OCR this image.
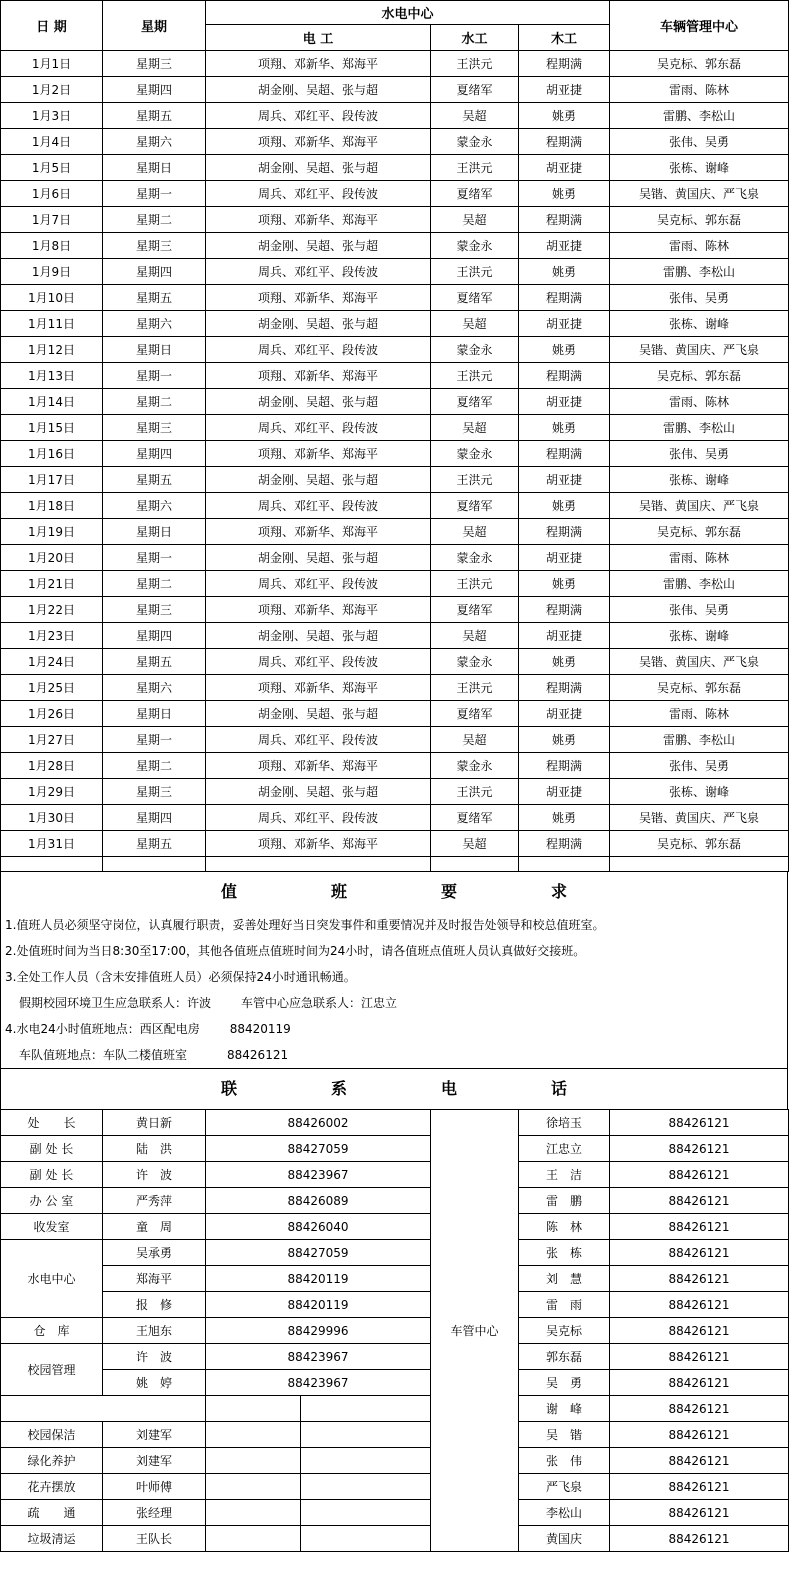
日 期	星期	水电中心			车辆管理中心
		电 工	水工	木工	
1月1日	星期三	项翔、邓新华、郑海平	王洪元	程期满	吴克标、郭东磊
1月2日	星期四	胡金刚、吴超、张与超	夏绪军	胡亚捷	雷雨、陈林
1月3日	星期五	周兵、邓红平、段传波	吴超	姚勇	雷鹏、李松山
1月4日	星期六	项翔、邓新华、郑海平	蒙金永	程期满	张伟、吴勇
1月5日	星期日	胡金刚、吴超、张与超	王洪元	胡亚捷	张栋、谢峰
1月6日	星期一	周兵、邓红平、段传波	夏绪军	姚勇	吴锴、黄国庆、严飞泉
1月7日	星期二	项翔、邓新华、郑海平	吴超	程期满	吴克标、郭东磊
1月8日	星期三	胡金刚、吴超、张与超	蒙金永	胡亚捷	雷雨、陈林
1月9日	星期四	周兵、邓红平、段传波	王洪元	姚勇	雷鹏、李松山
1月10日	星期五	项翔、邓新华、郑海平	夏绪军	程期满	张伟、吴勇
1月11日	星期六	胡金刚、吴超、张与超	吴超	胡亚捷	张栋、谢峰
1月12日	星期日	周兵、邓红平、段传波	蒙金永	姚勇	吴锴、黄国庆、严飞泉
1月13日	星期一	项翔、邓新华、郑海平	王洪元	程期满	吴克标、郭东磊
1月14日	星期二	胡金刚、吴超、张与超	夏绪军	胡亚捷	雷雨、陈林
1月15日	星期三	周兵、邓红平、段传波	吴超	姚勇	雷鹏、李松山
1月16日	星期四	项翔、邓新华、郑海平	蒙金永	程期满	张伟、吴勇
1月17日	星期五	胡金刚、吴超、张与超	王洪元	胡亚捷	张栋、谢峰
1月18日	星期六	周兵、邓红平、段传波	夏绪军	姚勇	吴锴、黄国庆、严飞泉
1月19日	星期日	项翔、邓新华、郑海平	吴超	程期满	吴克标、郭东磊
1月20日	星期一	胡金刚、吴超、张与超	蒙金永	胡亚捷	雷雨、陈林
1月21日	星期二	周兵、邓红平、段传波	王洪元	姚勇	雷鹏、李松山
1月22日	星期三	项翔、邓新华、郑海平	夏绪军	程期满	张伟、吴勇
1月23日	星期四	胡金刚、吴超、张与超	吴超	胡亚捷	张栋、谢峰
1月24日	星期五	周兵、邓红平、段传波	蒙金永	姚勇	吴锴、黄国庆、严飞泉
1月25日	星期六	项翔、邓新华、郑海平	王洪元	程期满	吴克标、郭东磊
1月26日	星期日	胡金刚、吴超、张与超	夏绪军	胡亚捷	雷雨、陈林
1月27日	星期一	周兵、邓红平、段传波	吴超	姚勇	雷鹏、李松山
1月28日	星期二	项翔、邓新华、郑海平	蒙金永	程期满	张伟、吴勇
1月29日	星期三	胡金刚、吴超、张与超	王洪元	胡亚捷	张栋、谢峰
1月30日	星期四	周兵、邓红平、段传波	夏绪军	姚勇	吴锴、黄国庆、严飞泉
1月31日	星期五	项翔、邓新华、郑海平	吴超	程期满	吴克标、郭东磊

值	班	要	求
1.值班人员必须坚守岗位，认真履行职责，妥善处理好当日突发事件和重要情况并及时报告处领导和校总值班室。
2.处值班时间为当日8:30至17:00，其他各值班点值班时间为24小时，请各值班点值班人员认真做好交接班。
3.全处工作人员（含未安排值班人员）必须保持24小时通讯畅通。
假期校园环境卫生应急联系人：许波	车管中心应急联系人：江忠立
4.水电24小时值班地点：西区配电房	88420119
车队值班地点：车队二楼值班室	88426121
联	系	电	话
处　　长	黄日新	88426002		车管中心	徐培玉	88426121
副 处 长	陆　洪	88427059			江忠立	88426121
副 处 长	许　波	88423967			王　洁	88426121
办 公 室	严秀萍	88426089			雷　鹏	88426121
收发室	童　周	88426040			陈　林	88426121
水电中心	吴承勇	88427059			张　栋	88426121
	郑海平	88420119			刘　慧	88426121
	报　修	88420119			雷　雨	88426121
仓　库	王旭东	88429996			吴克标	88426121
校园管理	许　波	88423967			郭东磊	88426121
	姚　婷	88423967			吴　勇	88426121
					谢　峰	88426121
校园保洁	刘建军				吴　锴	88426121
绿化养护	刘建军				张　伟	88426121
花卉摆放	叶师傅				严飞泉	88426121
疏　　通	张经理				李松山	88426121
垃圾清运	王队长				黄国庆	88426121
